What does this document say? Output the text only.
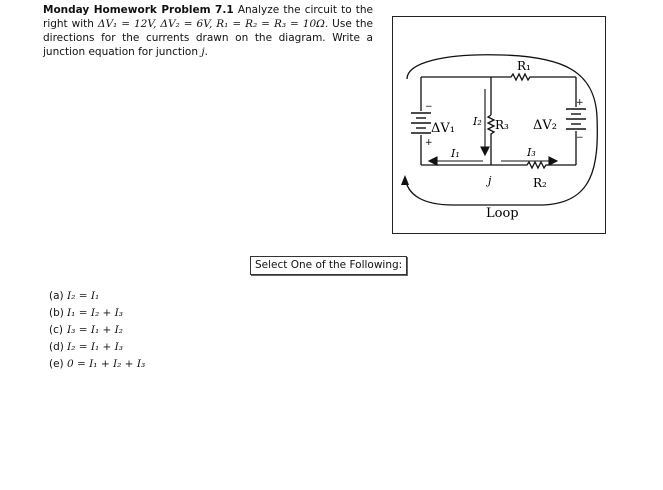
Monday Homework Problem 7.1 Analyze the circuit to the right with ΔV₁ = 12V, ΔV₂ = 6V, R₁ = R₂ = R₃ = 10Ω. Use the directions for the currents drawn on the diagram. Write a junction equation for junction j.
R₁
R₃
R₂
ΔV₁	ΔV₂
I₂
I₁	I₃
j
Loop
−
+
+
−
Select One of the Following:
(a) I₂ = I₁
(b) I₁ = I₂ + I₃
(c) I₃ = I₁ + I₂
(d) I₂ = I₁ + I₃
(e) 0 = I₁ + I₂ + I₃
